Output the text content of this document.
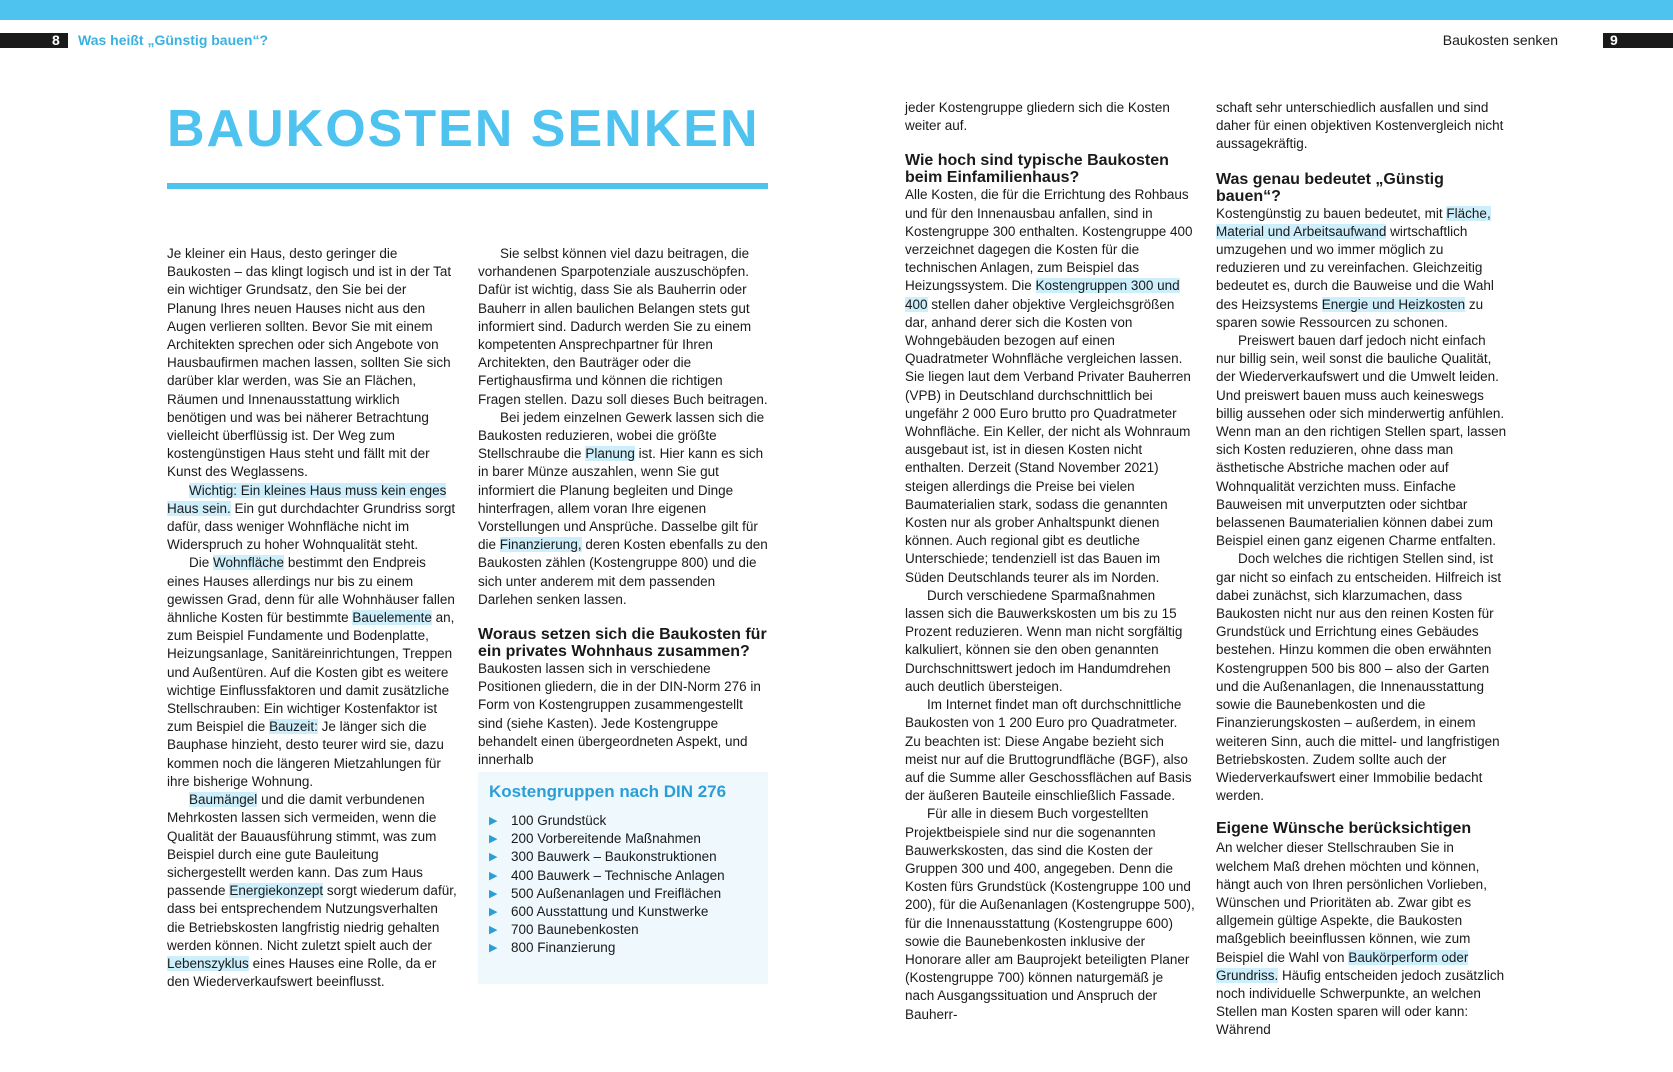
8 Was heißt „Günstig bauen“?	Baukosten senken	9
BAUKOSTEN SENKEN

Je kleiner ein Haus, desto geringer die Baukosten – das klingt logisch und ist in der Tat ein wichtiger Grundsatz, den Sie bei der Planung Ihres neuen Hauses nicht aus den Augen verlieren sollten. Bevor Sie mit einem Architekten sprechen oder sich Angebote von Hausbaufirmen machen lassen, sollten Sie sich darüber klar werden, was Sie an Flächen, Räumen und Innenausstattung wirklich benötigen und was bei näherer Betrachtung vielleicht überflüssig ist. Der Weg zum kostengünstigen Haus steht und fällt mit der Kunst des Weglassens.

Wichtig: Ein kleines Haus muss kein enges Haus sein. Ein gut durchdachter Grundriss sorgt dafür, dass weniger Wohnfläche nicht im Widerspruch zu hoher Wohnqualität steht.

Die Wohnfläche bestimmt den Endpreis eines Hauses allerdings nur bis zu einem gewissen Grad, denn für alle Wohnhäuser fallen ähnliche Kosten für bestimmte Bauelemente an, zum Beispiel Fundamente und Bodenplatte, Heizungsanlage, Sanitäreinrichtungen, Treppen und Außentüren. Auf die Kosten gibt es weitere wichtige Einflussfaktoren und damit zusätzliche Stellschrauben: Ein wichtiger Kostenfaktor ist zum Beispiel die Bauzeit: Je länger sich die Bauphase hinzieht, desto teurer wird sie, dazu kommen noch die längeren Mietzahlungen für ihre bisherige Wohnung.

Baumängel und die damit verbundenen Mehrkosten lassen sich vermeiden, wenn die Qualität der Bauausführung stimmt, was zum Beispiel durch eine gute Bauleitung sichergestellt werden kann. Das zum Haus passende Energiekonzept sorgt wiederum dafür, dass bei entsprechendem Nutzungsverhalten die Betriebskosten langfristig niedrig gehalten werden können. Nicht zuletzt spielt auch der Lebenszyklus eines Hauses eine Rolle, da er den Wiederverkaufswert beeinflusst.

Sie selbst können viel dazu beitragen, die vorhandenen Sparpotenziale auszuschöpfen. Dafür ist wichtig, dass Sie als Bauherrin oder Bauherr in allen baulichen Belangen stets gut informiert sind. Dadurch werden Sie zu einem kompetenten Ansprechpartner für Ihren Architekten, den Bauträger oder die Fertighausfirma und können die richtigen Fragen stellen. Dazu soll dieses Buch beitragen.

Bei jedem einzelnen Gewerk lassen sich die Baukosten reduzieren, wobei die größte Stellschraube die Planung ist. Hier kann es sich in barer Münze auszahlen, wenn Sie gut informiert die Planung begleiten und Dinge hinterfragen, allem voran Ihre eigenen Vorstellungen und Ansprüche. Dasselbe gilt für die Finanzierung, deren Kosten ebenfalls zu den Baukosten zählen (Kostengruppe 800) und die sich unter anderem mit dem passenden Darlehen senken lassen.

Woraus setzen sich die Baukosten für ein privates Wohnhaus zusammen?

Baukosten lassen sich in verschiedene Positionen gliedern, die in der DIN-Norm 276 in Form von Kostengruppen zusammengestellt sind (siehe Kasten). Jede Kostengruppe behandelt einen übergeordneten Aspekt, und innerhalb

Kostengruppen nach DIN 276
▶	100 Grundstück
▶	200 Vorbereitende Maßnahmen
▶	300 Bauwerk – Baukonstruktionen
▶	400 Bauwerk – Technische Anlagen
▶	500 Außenanlagen und Freiflächen
▶	600 Ausstattung und Kunstwerke
▶	700 Baunebenkosten
▶	800 Finanzierung

jeder Kostengruppe gliedern sich die Kosten weiter auf.

Wie hoch sind typische Baukosten beim Einfamilienhaus?

Alle Kosten, die für die Errichtung des Rohbaus und für den Innenausbau anfallen, sind in Kostengruppe 300 enthalten. Kostengruppe 400 verzeichnet dagegen die Kosten für die technischen Anlagen, zum Beispiel das Heizungssystem. Die Kostengruppen 300 und 400 stellen daher objektive Vergleichsgrößen dar, anhand derer sich die Kosten von Wohngebäuden bezogen auf einen Quadratmeter Wohnfläche vergleichen lassen. Sie liegen laut dem Verband Privater Bauherren (VPB) in Deutschland durchschnittlich bei ungefähr 2 000 Euro brutto pro Quadratmeter Wohnfläche. Ein Keller, der nicht als Wohnraum ausgebaut ist, ist in diesen Kosten nicht enthalten. Derzeit (Stand November 2021) steigen allerdings die Preise bei vielen Baumaterialien stark, sodass die genannten Kosten nur als grober Anhaltspunkt dienen können. Auch regional gibt es deutliche Unterschiede; tendenziell ist das Bauen im Süden Deutschlands teurer als im Norden.

Durch verschiedene Sparmaßnahmen lassen sich die Bauwerkskosten um bis zu 15 Prozent reduzieren. Wenn man nicht sorgfältig kalkuliert, können sie den oben genannten Durchschnittswert jedoch im Handumdrehen auch deutlich übersteigen.

Im Internet findet man oft durchschnittliche Baukosten von 1 200 Euro pro Quadratmeter. Zu beachten ist: Diese Angabe bezieht sich meist nur auf die Bruttogrundfläche (BGF), also auf die Summe aller Geschossflächen auf Basis der äußeren Bauteile einschließlich Fassade.

Für alle in diesem Buch vorgestellten Projektbeispiele sind nur die sogenannten Bauwerkskosten, das sind die Kosten der Gruppen 300 und 400, angegeben. Denn die Kosten fürs Grundstück (Kostengruppe 100 und 200), für die Außenanlagen (Kostengruppe 500), für die Innenausstattung (Kostengruppe 600) sowie die Baunebenkosten inklusive der Honorare aller am Bauprojekt beteiligten Planer (Kostengruppe 700) können naturgemäß je nach Ausgangssituation und Anspruch der Bauherr-

schaft sehr unterschiedlich ausfallen und sind daher für einen objektiven Kostenvergleich nicht aussagekräftig.

Was genau bedeutet „Günstig bauen“?

Kostengünstig zu bauen bedeutet, mit Fläche, Material und Arbeitsaufwand wirtschaftlich umzugehen und wo immer möglich zu reduzieren und zu vereinfachen. Gleichzeitig bedeutet es, durch die Bauweise und die Wahl des Heizsystems Energie und Heizkosten zu sparen sowie Ressourcen zu schonen.

Preiswert bauen darf jedoch nicht einfach nur billig sein, weil sonst die bauliche Qualität, der Wiederverkaufswert und die Umwelt leiden. Und preiswert bauen muss auch keineswegs billig aussehen oder sich minderwertig anfühlen. Wenn man an den richtigen Stellen spart, lassen sich Kosten reduzieren, ohne dass man ästhetische Abstriche machen oder auf Wohnqualität verzichten muss. Einfache Bauweisen mit unverputzten oder sichtbar belassenen Baumaterialien können dabei zum Beispiel einen ganz eigenen Charme entfalten.

Doch welches die richtigen Stellen sind, ist gar nicht so einfach zu entscheiden. Hilfreich ist dabei zunächst, sich klarzumachen, dass Baukosten nicht nur aus den reinen Kosten für Grundstück und Errichtung eines Gebäudes bestehen. Hinzu kommen die oben erwähnten Kostengruppen 500 bis 800 – also der Garten und die Außenanlagen, die Innenausstattung sowie die Baunebenkosten und die Finanzierungskosten – außerdem, in einem weiteren Sinn, auch die mittel- und langfristigen Betriebskosten. Zudem sollte auch der Wiederverkaufswert einer Immobilie bedacht werden.

Eigene Wünsche berücksichtigen

An welcher dieser Stellschrauben Sie in welchem Maß drehen möchten und können, hängt auch von Ihren persönlichen Vorlieben, Wünschen und Prioritäten ab. Zwar gibt es allgemein gültige Aspekte, die Baukosten maßgeblich beeinflussen können, wie zum Beispiel die Wahl von Baukörperform oder Grundriss. Häufig entscheiden jedoch zusätzlich noch individuelle Schwerpunkte, an welchen Stellen man Kosten sparen will oder kann: Während
